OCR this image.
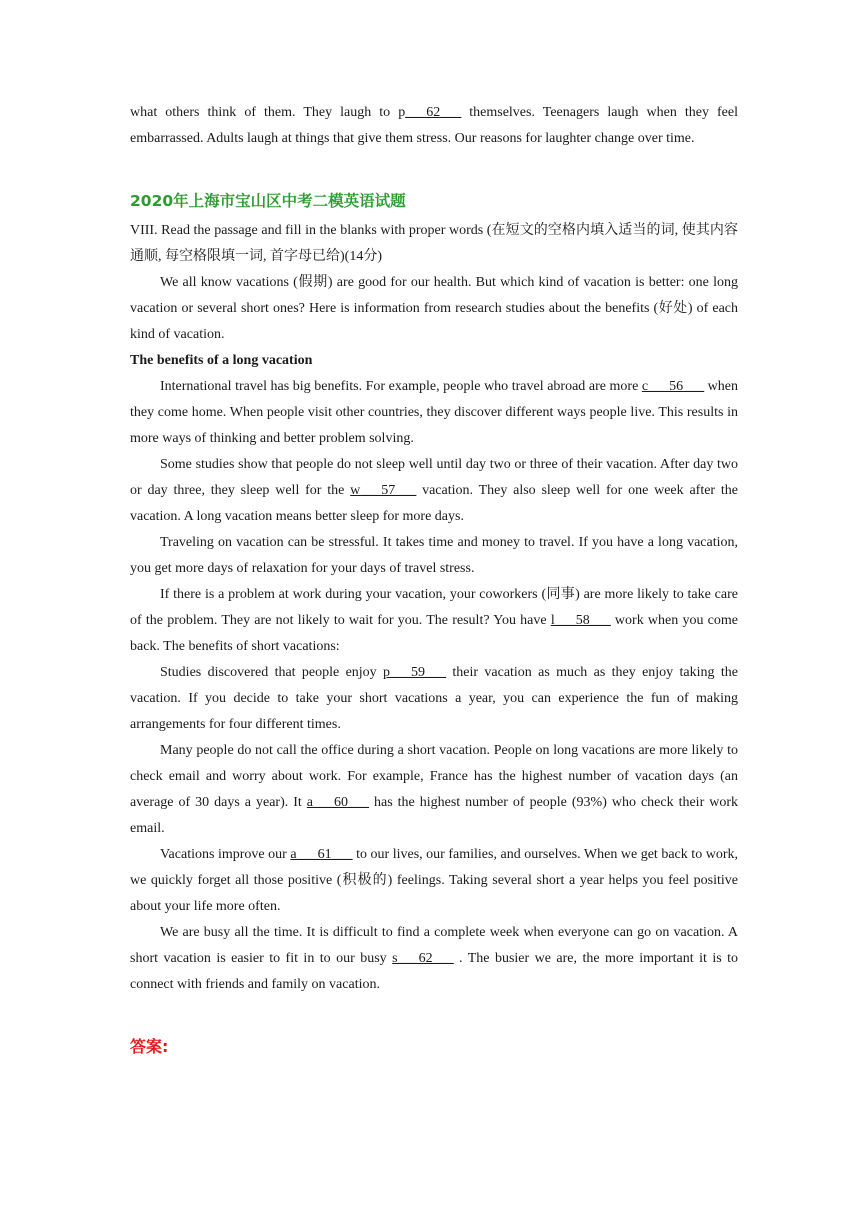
what others think of them. They laugh to p___62___ themselves. Teenagers laugh when they feel embarrassed. Adults laugh at things that give them stress. Our reasons for laughter change over time.

2020年上海市宝山区中考二模英语试题

VIII. Read the passage and fill in the blanks with proper words (在短文的空格内填入适当的词, 使其内容通顺, 每空格限填一词, 首字母已给)(14分)

We all know vacations (假期) are good for our health. But which kind of vacation is better: one long vacation or several short ones? Here is information from research studies about the benefits (好处) of each kind of vacation.

The benefits of a long vacation

International travel has big benefits. For example, people who travel abroad are more c___56___ when they come home. When people visit other countries, they discover different ways people live. This results in more ways of thinking and better problem solving.

Some studies show that people do not sleep well until day two or three of their vacation. After day two or day three, they sleep well for the w___57___ vacation. They also sleep well for one week after the vacation. A long vacation means better sleep for more days.

Traveling on vacation can be stressful. It takes time and money to travel. If you have a long vacation, you get more days of relaxation for your days of travel stress.

If there is a problem at work during your vacation, your coworkers (同事) are more likely to take care of the problem. They are not likely to wait for you. The result? You have l___58___ work when you come back. The benefits of short vacations:

Studies discovered that people enjoy p___59___ their vacation as much as they enjoy taking the vacation. If you decide to take your short vacations a year, you can experience the fun of making arrangements for four different times.

Many people do not call the office during a short vacation. People on long vacations are more likely to check email and worry about work. For example, France has the highest number of vacation days (an average of 30 days a year). It a___60___ has the highest number of people (93%) who check their work email.

Vacations improve our a___61___ to our lives, our families, and ourselves. When we get back to work, we quickly forget all those positive (积极的) feelings. Taking several short a year helps you feel positive about your life more often.

We are busy all the time. It is difficult to find a complete week when everyone can go on vacation. A short vacation is easier to fit in to our busy s___62___ . The busier we are, the more important it is to connect with friends and family on vacation.

答案:
